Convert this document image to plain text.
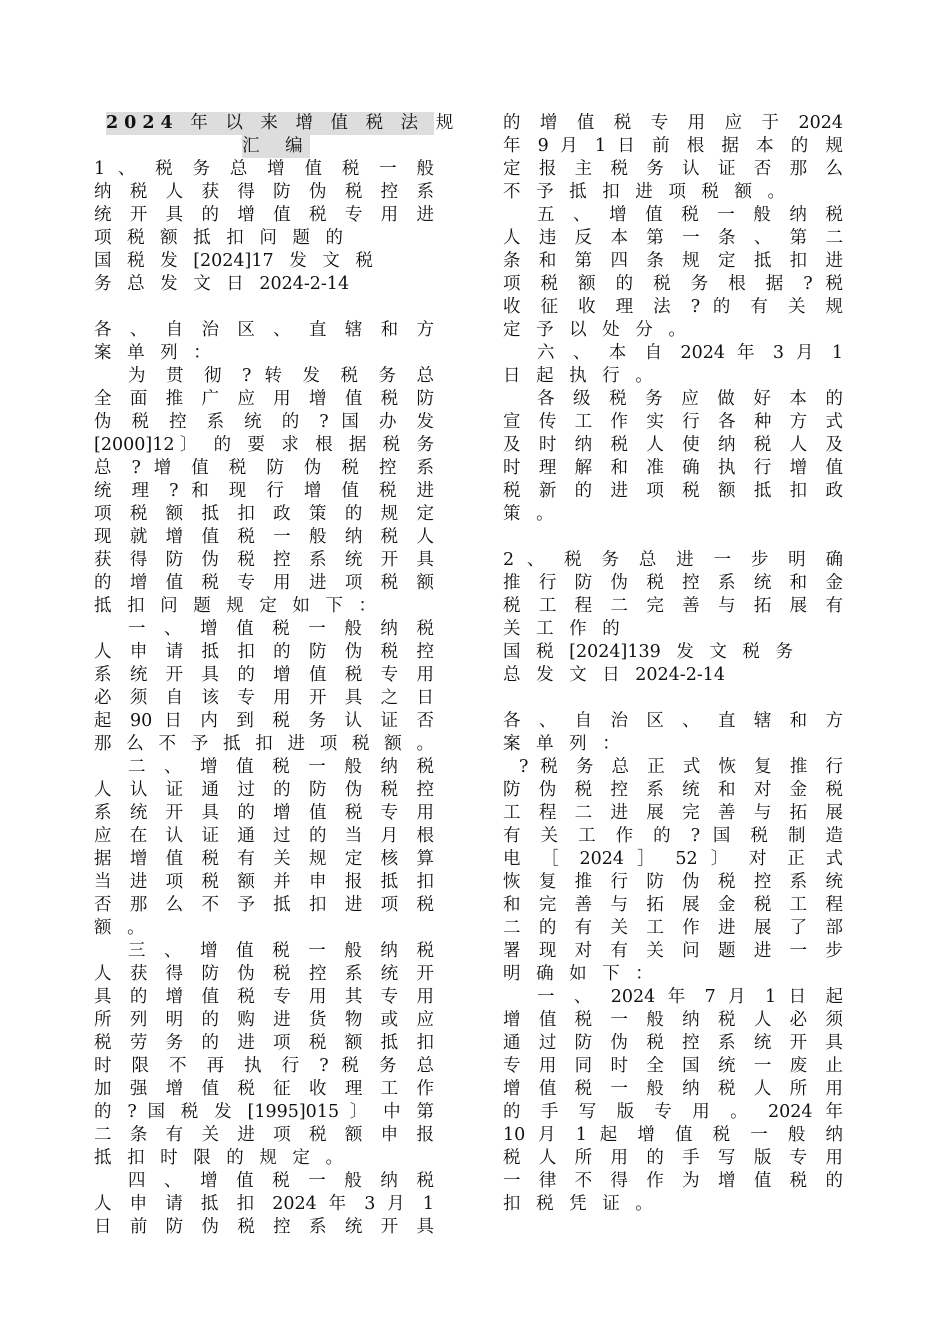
2024 年 以 来 增 值 税 法 规
汇 编
1 、 税 务 总 增 值 税 一 般
纳 税 人 获 得 防 伪 税 控 系
统 开 具 的 增 值 税 专 用 进
项 税 额 抵 扣 问 题 的
国 税 发 [2024]17 发 文 税
务 总 发 文 日 2024-2-14
各 、 自 治 区 、 直 辖 和 方
案 单 列 ：
为 贯 彻 ? 转 发 税 务 总
全 面 推 广 应 用 增 值 税 防
伪 税 控 系 统 的 ? 国 办 发
[2000]12〕 的 要 求 根 据 税 务
总 ? 增 值 税 防 伪 税 控 系
统 理 ? 和 现 行 增 值 税 进
项 税 额 抵 扣 政 策 的 规 定
现 就 增 值 税 一 般 纳 税 人
获 得 防 伪 税 控 系 统 开 具
的 增 值 税 专 用 进 项 税 额
抵 扣 问 题 规 定 如 下 ：
一 、 增 值 税 一 般 纳 税
人 申 请 抵 扣 的 防 伪 税 控
系 统 开 具 的 增 值 税 专 用
必 须 自 该 专 用 开 具 之 日
起 90 日 内 到 税 务 认 证 否
那 么 不 予 抵 扣 进 项 税 额 。
二 、 增 值 税 一 般 纳 税
人 认 证 通 过 的 防 伪 税 控
系 统 开 具 的 增 值 税 专 用
应 在 认 证 通 过 的 当 月 根
据 增 值 税 有 关 规 定 核 算
当 进 项 税 额 并 申 报 抵 扣
否 那 么 不 予 抵 扣 进 项 税
额 。
三 、 增 值 税 一 般 纳 税
人 获 得 防 伪 税 控 系 统 开
具 的 增 值 税 专 用 其 专 用
所 列 明 的 购 进 货 物 或 应
税 劳 务 的 进 项 税 额 抵 扣
时 限 不 再 执 行 ? 税 务 总
加 强 增 值 税 征 收 理 工 作
的 ? 国 税 发 [1995]015 〕 中 第
二 条 有 关 进 项 税 额 申 报
抵 扣 时 限 的 规 定 。
四 、 增 值 税 一 般 纳 税
人 申 请 抵 扣 2024 年 3 月 1
日 前 防 伪 税 控 系 统 开 具
的 增 值 税 专 用 应 于 2024
年 9 月 1 日 前 根 据 本 的 规
定 报 主 税 务 认 证 否 那 么
不 予 抵 扣 进 项 税 额 。
五 、 增 值 税 一 般 纳 税
人 违 反 本 第 一 条 、 第 二
条 和 第 四 条 规 定 抵 扣 进
项 税 额 的 税 务 根 据 ? 税
收 征 收 理 法 ? 的 有 关 规
定 予 以 处 分 。
六 、 本 自 2024 年 3 月 1
日 起 执 行 。
各 级 税 务 应 做 好 本 的
宣 传 工 作 实 行 各 种 方 式
及 时 纳 税 人 使 纳 税 人 及
时 理 解 和 准 确 执 行 增 值
税 新 的 进 项 税 额 抵 扣 政
策 。
2 、 税 务 总 进 一 步 明 确
推 行 防 伪 税 控 系 统 和 金
税 工 程 二 完 善 与 拓 展 有
关 工 作 的
国 税 [2024]139 发 文 税 务
总 发 文 日 2024-2-14
各 、 自 治 区 、 直 辖 和 方
案 单 列 ：
? 税 务 总 正 式 恢 复 推 行
防 伪 税 控 系 统 和 对 金 税
工 程 二 进 展 完 善 与 拓 展
有 关 工 作 的 ? 国 税 制 造
电 ［ 2024 ］ 52 〕 对 正 式
恢 复 推 行 防 伪 税 控 系 统
和 完 善 与 拓 展 金 税 工 程
二 的 有 关 工 作 进 展 了 部
署 现 对 有 关 问 题 进 一 步
明 确 如 下 ：
一 、 2024 年 7 月 1 日 起
增 值 税 一 般 纳 税 人 必 须
通 过 防 伪 税 控 系 统 开 具
专 用 同 时 全 国 统 一 废 止
增 值 税 一 般 纳 税 人 所 用
的 手 写 版 专 用 。 2024 年
10 月 1 起 增 值 税 一 般 纳
税 人 所 用 的 手 写 版 专 用
一 律 不 得 作 为 增 值 税 的
扣 税 凭 证 。
